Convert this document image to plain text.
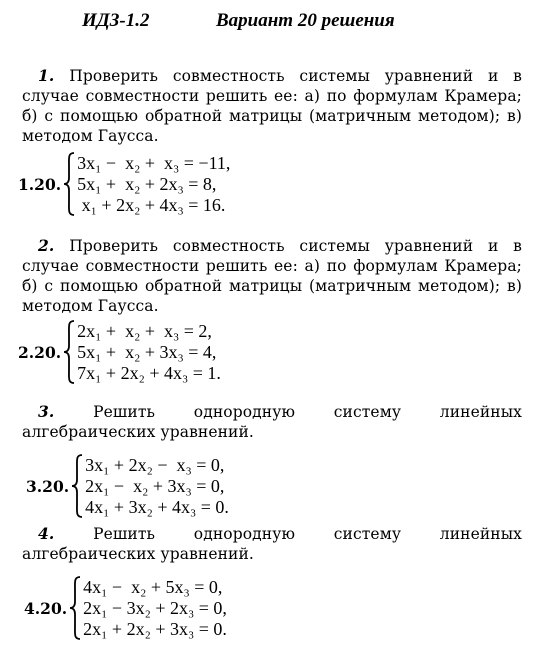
ИДЗ-1.2	Вариант 20 решения

1. Проверить совместность системы уравнений и в случае совместности решить ее: а) по формулам Крамера; б) с помощью обратной матрицы (матричным методом); в) методом Гаусса.

1.20.
3x₁ −  x₂ +  x₃ = −11,
5x₁ +  x₂ + 2x₃ = 8,
x₁ + 2x₂ + 4x₃ = 16.

2. Проверить совместность системы уравнений и в случае совместности решить ее: а) по формулам Крамера; б) с помощью обратной матрицы (матричным методом); в) методом Гаусса.

2.20.
2x₁ +  x₂ +  x₃ = 2,
5x₁ +  x₂ + 3x₃ = 4,
7x₁ + 2x₂ + 4x₃ = 1.

3. Решить однородную систему линейных алгебраических уравнений.

3.20.
3x₁ + 2x₂ −  x₃ = 0,
2x₁ −  x₂ + 3x₃ = 0,
4x₁ + 3x₂ + 4x₃ = 0.

4. Решить однородную систему линейных алгебраических уравнений.

4.20.
4x₁ −  x₂ + 5x₃ = 0,
2x₁ − 3x₂ + 2x₃ = 0,
2x₁ + 2x₂ + 3x₃ = 0.
